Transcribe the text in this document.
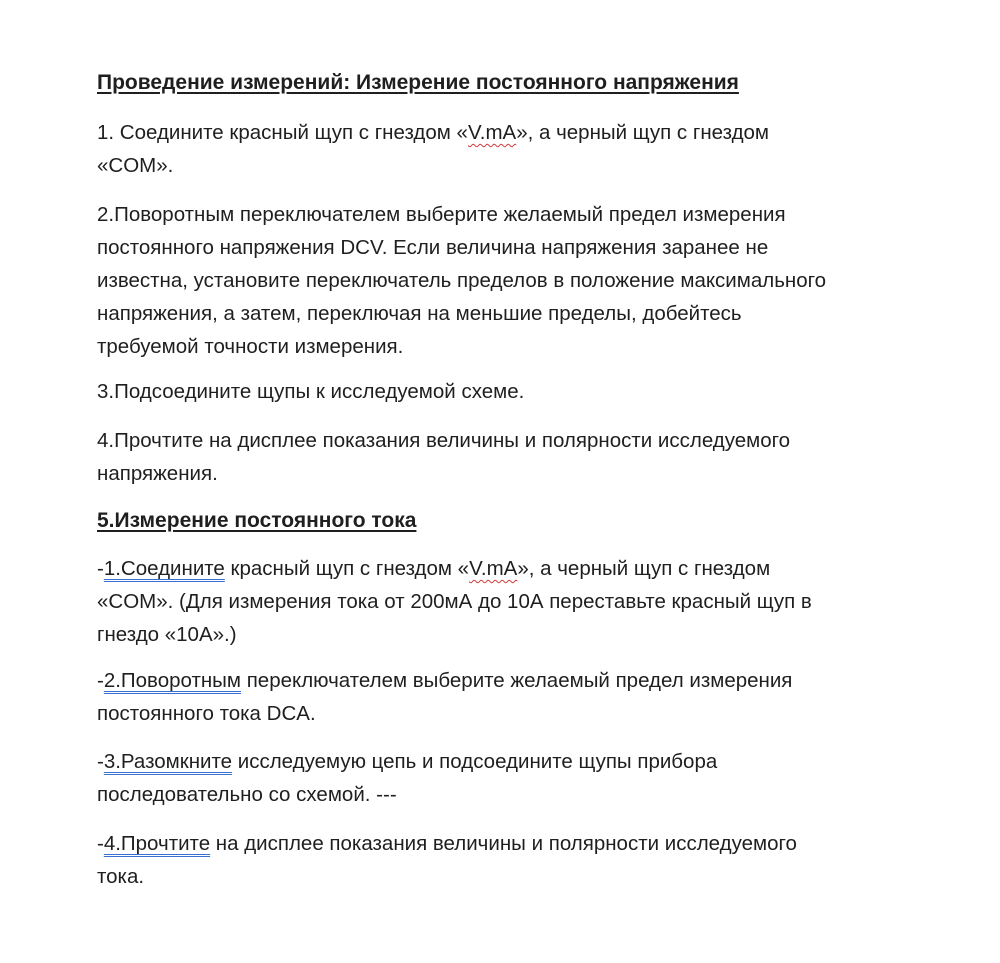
Проведение измерений: Измерение постоянного напряжения

1. Соедините красный щуп с гнездом «V.mA», а черный щуп с гнездом
«COM».

2.Поворотным переключателем выберите желаемый предел измерения
постоянного напряжения DCV. Если величина напряжения заранее не
известна, установите переключатель пределов в положение максимального
напряжения, а затем, переключая на меньшие пределы, добейтесь
требуемой точности измерения.

3.Подсоедините щупы к исследуемой схеме.

4.Прочтите на дисплее показания величины и полярности исследуемого
напряжения.

5.Измерение постоянного тока

-1.Соедините красный щуп с гнездом «V.mA», а черный щуп с гнездом
«COM». (Для измерения тока от 200мА до 10А переставьте красный щуп в
гнездо «10А».)

-2.Поворотным переключателем выберите желаемый предел измерения
постоянного тока DCA.

-3.Разомкните исследуемую цепь и подсоедините щупы прибора
последовательно со схемой. ---

-4.Прочтите на дисплее показания величины и полярности исследуемого
тока.
